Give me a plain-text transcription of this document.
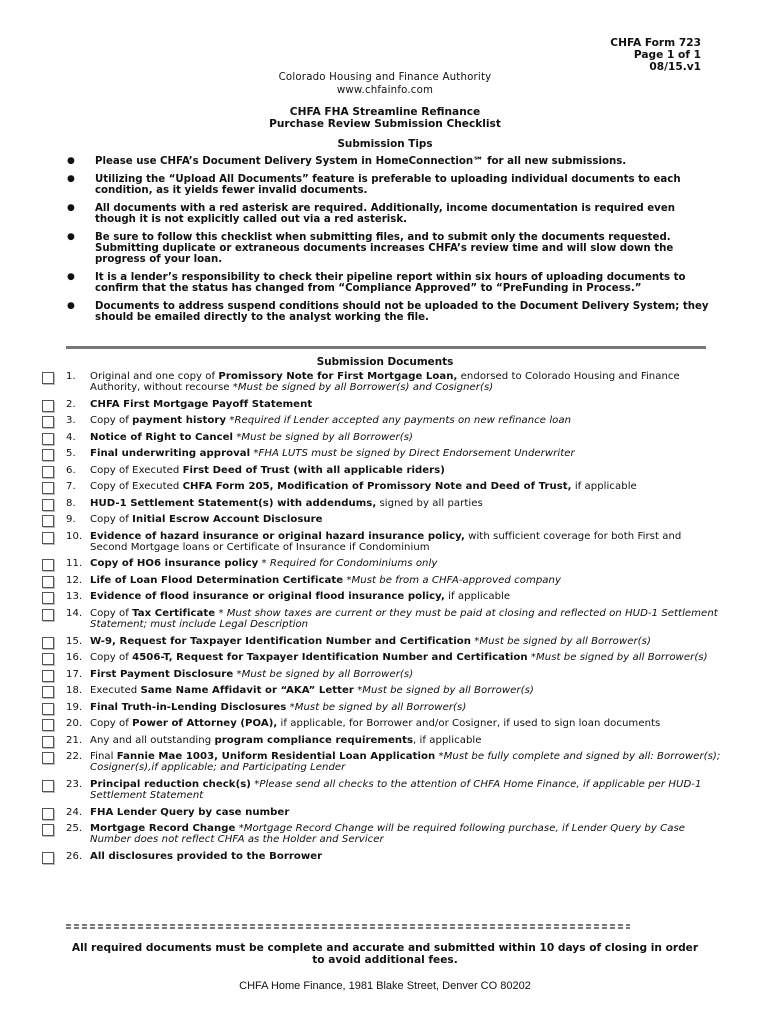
CHFA Form 723
Page 1 of 1
08/15.v1
Colorado Housing and Finance Authority
www.chfainfo.com
CHFA FHA Streamline Refinance
Purchase Review Submission Checklist
Submission Tips
● Please use CHFA’s Document Delivery System in HomeConnection℠ for all new submissions.
● Utilizing the “Upload All Documents” feature is preferable to uploading individual documents to each condition, as it yields fewer invalid documents.
● All documents with a red asterisk are required. Additionally, income documentation is required even though it is not explicitly called out via a red asterisk.
● Be sure to follow this checklist when submitting files, and to submit only the documents requested. Submitting duplicate or extraneous documents increases CHFA’s review time and will slow down the progress of your loan.
● It is a lender’s responsibility to check their pipeline report within six hours of uploading documents to confirm that the status has changed from “Compliance Approved” to “PreFunding in Process.”
● Documents to address suspend conditions should not be uploaded to the Document Delivery System; they should be emailed directly to the analyst working the file.
Submission Documents
1. Original and one copy of Promissory Note for First Mortgage Loan, endorsed to Colorado Housing and Finance Authority, without recourse *Must be signed by all Borrower(s) and Cosigner(s)
2. CHFA First Mortgage Payoff Statement
3. Copy of payment history *Required if Lender accepted any payments on new refinance loan
4. Notice of Right to Cancel *Must be signed by all Borrower(s)
5. Final underwriting approval *FHA LUTS must be signed by Direct Endorsement Underwriter
6. Copy of Executed First Deed of Trust (with all applicable riders)
7. Copy of Executed CHFA Form 205, Modification of Promissory Note and Deed of Trust, if applicable
8. HUD-1 Settlement Statement(s) with addendums, signed by all parties
9. Copy of Initial Escrow Account Disclosure
10. Evidence of hazard insurance or original hazard insurance policy, with sufficient coverage for both First and Second Mortgage loans or Certificate of Insurance if Condominium
11. Copy of HO6 insurance policy * Required for Condominiums only
12. Life of Loan Flood Determination Certificate *Must be from a CHFA-approved company
13. Evidence of flood insurance or original flood insurance policy, if applicable
14. Copy of Tax Certificate * Must show taxes are current or they must be paid at closing and reflected on HUD-1 Settlement Statement; must include Legal Description
15. W-9, Request for Taxpayer Identification Number and Certification *Must be signed by all Borrower(s)
16. Copy of 4506-T, Request for Taxpayer Identification Number and Certification *Must be signed by all Borrower(s)
17. First Payment Disclosure *Must be signed by all Borrower(s)
18. Executed Same Name Affidavit or “AKA” Letter *Must be signed by all Borrower(s)
19. Final Truth-in-Lending Disclosures *Must be signed by all Borrower(s)
20. Copy of Power of Attorney (POA), if applicable, for Borrower and/or Cosigner, if used to sign loan documents
21. Any and all outstanding program compliance requirements, if applicable
22. Final Fannie Mae 1003, Uniform Residential Loan Application *Must be fully complete and signed by all: Borrower(s); Cosigner(s),if applicable; and Participating Lender
23. Principal reduction check(s) *Please send all checks to the attention of CHFA Home Finance, if applicable per HUD-1 Settlement Statement
24. FHA Lender Query by case number
25. Mortgage Record Change *Mortgage Record Change will be required following purchase, if Lender Query by Case Number does not reflect CHFA as the Holder and Servicer
26. All disclosures provided to the Borrower
All required documents must be complete and accurate and submitted within 10 days of closing in order to avoid additional fees.
CHFA Home Finance, 1981 Blake Street, Denver CO 80202
